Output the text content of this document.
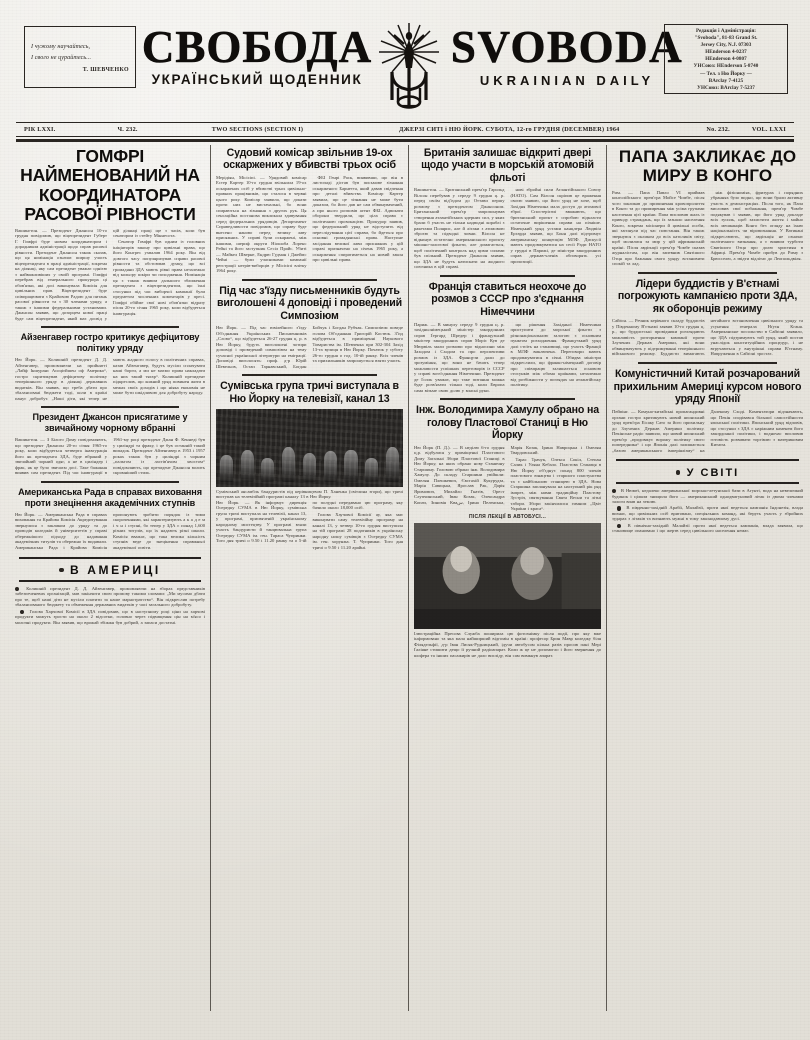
І чужому научайтесь,
І свого не цурайтесь...
Т. ШЕВЧЕНКО СВОБОДА
УКРАЇНСЬКИЙ ЩОДЕННИК
SVOBODA
UKRAINIAN DAILY
Редакція і Адміністрація:
"Svoboda", 81-83 Grand St.
Jersey City, N.J. 07303
HEnderson 4-0237
HEnderson 4-0807
УНСоюз: HEnderson 5-8740
— Тел. з Ню Йорку —
BArclay 7-4125
УНСоюз: BArclay 7-5237
РІК LXXI.	Ч. 232.	TWO SECTIONS (SECTION I)	ДЖЕРЗІ СИТІ і НЮ ЙОРК. СУБОТА, 12-го ГРУДНЯ (DECEMBER) 1964	No. 232.	VOL. LXXI
ГОМФРІ НАЙМЕНОВАНИЙ НА КООРДИНАТОРА РАСОВОЇ РІВНОСТИ

Вашингтон. — Президент Джансон 10-го грудня повідомив, що віцепрезидент Губерт Г. Гомфрі буде новим координатором і дорадником адміністрації щодо справ расової рівности. Президент Джансон також сказав, що ця номінація означає ширшу участь віцепрезидента в праці адміністрації, зокрема на ділянці, яку сам президент уважає однією з найважливіших у своїй програмі. Гомфрі перебрав від генерального прокурора ці обов'язки, які досі виконувала Комісія для цивільних прав. Віцепрезидент буде співпрацювати з Крайовою Радою для питань расової рівности та з 30 членами уряду, а також з іншими федеральними установами. Джансон заявив, що дозорцем нової праці буде сам віцепрезидент, який має досвід у цій ділянці праці ще з часів, коли був сенатором із стейту Міннесота.

Сенатор Гомфрі був одним із головних ініціяторів закону про цивільні права, що його Конгрес ухвалив 1964 року. Він від довгого часу популяризував справи расової рівности та обстоював думку, що всі громадяни ЗДА мають рівні права незалежно від кольору шкіри чи походження. Номінація ця є також виявом дальшого зближення президента з віцепрезидентом, що їхні стосунки під час виборчої кампанії були предметом численних коментарів у пресі. Гомфрі обійме свої нові обов'язки відразу після 20-го січня 1965 року, коли відбудеться інавгурація.

Айзенгавер гостро критикує дефіцитову політику уряду

Ню Йорк. — Колишній президент Д. Д. Айзенгавер, промовляючи на прийнятті „Лайф Іншуранс Асоцієйшен оф Америка“, гостро скритикував дефіцитову політику теперішнього уряду в ділянці державних видатків. Він заявив, що треба дбати про збалансовані бюджети тоді, коли в країні панує добробут. „Наші діти, які тепер не мають жадного голосу в політичних справах, казав Айзенгавер, будуть мусіли сплачувати наші борги, а ми не маємо права накладати на них такий тягар“. Колишній президент підкреслив, що кожний уряд повинен жити в межах своїх доходів і що ніяка економія не може бути шкідливою для добробуту народу.

Президент Джансон присягатиме у звичайному чорному вбранні

Вашингтон. — З Білого Дому повідомляють, що президент Джансон 20-го січня 1965-го року, коли відбудеться четверта інавгурація його як президента ЗДА, буде вбраний у звичайний чорний одяг, а не в циліндер і фрак, як це було звичаєм досі. Таке бажання виявив сам президент. Під час інавгурації в 1961-му році президент Джан Ф. Кеннеді був у циліндрі та фраку, і це був останній такий випадок. Президент Айзенгавер в 1953 і 1957 роках також був у циліндрі з чорним „пальтом із ластів'ячим хвостом“ повідомляють, що президент Джансон волить скромніший стиль.

Американська Рада в справах виховання проти знецінення академічних ступнів

Ню Йорк. — Американська Рада в справах виховання та Крайова Комісія Акредитування звернулися з закликом до уряду та до проводів коледжів й університетів у справі обережнішого підходу до надавання академічних титулів та обережно їх видавали. Американська Рада і Крайова Комісія пропонують зробити порядок із тими скороченнями, які характеризують а к а д е м і ч н і ступні, бо тепер у ЗДА є понад 1,600 різних титулів, що їх надають різні школи. Комісія вважає, що така велика кількість ступнів веде до знецінення справжньої академічної освіти.

В АМЕРИЦІ

Колишній президент Д. Д. Айзенгавер, промовляючи на зборах представників забезпеченевих організацій, мав закінчити свою промову такими словами: „Ми мусимо дбати про те, щоб наші діти не мусіли платити за наше марнотратство“. Він підкреслив потребу збалансованого бюджету та обмеження державних видатків у часі загального добробуту.

Голова Харчової Комісії в ЗДА повідомив, що в наступному році ціни на харчові продукти можуть зрости на около 2 відсотки, головно через підвищення цін на м'ясо і молочні продукти. Він заявив, що врожай збіжжя був добрий, а запаси достатні.

Судовий комісар звільнив 19-ох оскаржених у вбивстві трьох осіб

Мерідіян, Місісіпі. — Урядовий комісар Естер Картер 10-го грудня звільнила 19-ох оскаржених осіб у вбивстві трьох цивільно-правних працівників, що сталося в червні цього року. Комісар заявила, що докази проти них не вистачальні, бо вони спираються на зізнання з других рук. Ця сенсаційна постанова викликала здивування серед федеральних урядовців. Департамент Справедливости повідомив, що справу буде внесено наново перед велику лаву присяжних. У справі були оскаржені, між іншими, шериф округи Ніошоба Лоренс Рейні та його заступник Сесіл Прайс. Убиті — Майкел Шверне, Ендрю Гудман і Джеймс Чейні — були учасниками кампанії реєстрації негрів-виборців у Місісіпі влітку 1964 року.

ФБІ Генрі Раск, виявивши, що він в листопаді дістав був письмове зізнання оскарженого Барнетта, який давав свідчення про деталі вбивства. Комісар Картер заявила, що це зізнання не може бути доказом, бо його дав не сам обвинувачений, а про нього розповів агент ФБІ. Адвокати оборони твердили, що ціла справа є політичною провокацією. Прокурор заявив, що федеральний уряд не відступить від переслідування цієї справи, бо йдеться про основні громадянські права. Наступне засідання великої лави присяжних у цій справі призначено на січень 1965 року, а оскарження спиратиметься на новий закон про цивільні права.

Під час з'їзду письменників будуть виголошені 4 доповіді і проведений Симпозіюм

Ню Йорк. — Під час ювілейного з'їзду Об'єднання Українських Письменників „Слово“, що відбудеться 26-27 грудня ц. р. в Ню Йорку, будуть виголошені чотири доповіді і проведений симпозіюм на тему сучасної української літератури на еміграції. Доповіді виголосять: проф. д-р Юрій Шевельов, Остап Тарнавський, Богдан Бойчук і Богдан Рубчак. Симпозіюм поведе голова Об'єднання Григорій Костюк. З'їзд відбудеться в приміщенні Наукового Товариства ім. Шевченка при 302-304 Захід 13-та вулиця в Ню Йорку. Початок у суботу 26-го грудня о год. 10-ій ранку. Всіх членів та прихильників запрошується взяти участь.

Сумівська група тричі виступала в Ню Йорку на телевізії, канал 13
Сумівський ансамбль бандуристів під керівництвом П. Ханенка (світлина згори), що тричі виступав на телевізійній програмі каналу 13 в Ню Йорку.

Ню Йорк. — Як інформує дирекція Осередку СУМА в Ню Йорку, сумівська група тричі виступала на телевізії, канал 13, у програмі, присвяченій українському народному мистецтву. У програмі взяли участь бандуристи й танцювальна група Осередку СУМА ім. ген. Тараса Чупринки. Того дня тричі о 9.50 і 11.20 ранку та о 5-ій по полудні передавано цю програму, яку бачило около 18,000 осіб.

Голова Хаучової Комісії ау, яка має виконувати саму телевізійну програму на каналі 13, у четвер 10-го грудня виступила на тій програмі 28 податників в українську народну ношу сумівців з Осередку СУМА ім. ген. хорунжа. Т. Чупринки. Того дня тричі о 9.50 і 11.20 арайні.

Британія залишає відкриті двері щодо участи в морській атомовій фльоті

Вашингтон. — Британський прем'єр Гарольд Вілсон перебував у середу 9 грудня ц. р. перед своїм від'їздом до Оттави першу розмову з президентом Джансоном. Британський прем'єр запропонував створення атлантійських ядерних сил, у яких брали б участь не тільки надводні кораблі з ракетами Полярис, але й літаки з атомовою зброєю та підводні човни. Вілсон не відкинув остаточно американського проєкту мішано-залогової фльоти, але домагається, щоб політичний контроль над цими силами був спільний. Президент Джансон заявив, що ЗДА не будуть натискати на жодного союзника в цій справі.

нові збройні сили Атлантійського Союзу (НАТО). Сам Вілсон скріпив це враження своєю заявою, що його уряд не хоче, щоб Західня Німеччина мала доступ до атомової зброї. Спостерігачі вважають, що британський проєкт є спробою відкласти остаточне вирішення справи на пізніше. Німецький уряд устами канцлера Людвіґа Ергарда заявив, що Бонн далі підтримує американську концепцію МЛФ. Дискусії мають продовжуватися на сесії Ради НАТО у грудні в Парижі, де міністри закордонних справ держав-членів обговорять усі пропозиції.

Франція ставиться неохоче до розмов з СССР про з'єднання Німеччини

Париж. — В минулу середу 9 грудня ц. р. західньонімецький міністер закордонних справ Ґергард Шредер і французький міністер закордонних справ Моріс Кув де Мюрвіль мали розмови про відносини між Заходом і Сходом та про перспективи розмов із ЗДА. Французи дали до зрозуміння, що вони не бачать тепер можливости успішних переговорів із СССР у справі возз'єднання Німеччини. Президент де Ґолль уважає, що таке питання можна буде розв'язати тільки тоді, коли Европа сама візьме свою долю у власні руки.

що рішення Західньої Німеччини приступити до морської фльоти з різнонаціональною залогою є основним пунктом розходження. Французький уряд далі стоїть на становищі, що участь Франції в МЛФ виключена. Переговори мають продовжуватися в січні. Обидва міністри підкреслили, що франко-німецький договір про співпрацю залишається основою стосунків між обома країнами, незалежно від розбіжности у поглядах на атлантійську політику.

Інж. Володимира Хамулу обрано на голову Пластової Станиці в Ню Йорку

Ню Йорк (П. Д.). — В неділю 6-го грудня ц.р. відбулися у приміщенні Пластового Дому Загальні Збори Пластової Станиці в Ню Йорку, на яких обрано нову Станичну Старшину. Головою обрано інж. Володимира Хамулу. До складу Старшини увійшли: Омелян Плешкевич, Євстахій Кукурудза, Марія Савицька, Ярослав Рак, Дарія Яримович, Михайло Гнатів, Орест Слупчинський, Іван Козак, Олександра Копач, Зиновія Кваس, Ірина Пеленська, Марія Козак, Ірина Навроцька і Омелян Твардовський.

Тарас Трачук, Олекса Сокіл, Степан Салик і Уляна Кебало. Пластова Станиця в Ню Йорку об'єднує понад 800 членів пластового юнацтва і старшого пластунства та є найбільшою станицею в ЗДА. Нова Старшина запланувала на наступний рік ряд імпрез, між ними традиційну Пластову Зустріч, святкування Свята Весни та літні табори. Збори закінчилися гимном „Цвіт України і краса“.

ПІСЛЯ ЛЕКЦІЇ В АВТОБУСІ...
Ілюстраційна Пресова Служба поширила цю фотознімку після події, про яку вже інформовано та яка мала найширший відгомін в країні: професор Брин Мавр коледжу біля Філядельфії, д-р Іван Лисяк-Рудницький, ідучи автобусом кілька разів просив пані Мері Ґаліяне стишити дещо її ручний радіоапарат. Коли ж це не допомогло і його звернення до шофера та інших пасажирів не дало висліду, він сам вимкнув апарат.
ПАПА ЗАКЛИКАЄ ДО МИРУ В КОНГО

Рим. — Папа Павло VI приймав конголійського прем'єра Мойсе Чомбе, після чого закликав до припинення кровопролиття в Конго та до примирення між усіма групами населення цієї країни. Папа висловив жаль із приводу страждань, що їх зазнало населення Конго, зокрема місіонери й цивільні особи, які загинули під час повстання. Він також звернувся з окликом до всіх католиків світу, щоб молилися за мир у цій африканській країні. Після авдієнції прем'єр Чомбе сказав журналістам, що він запевнив Святішого Отця про бажання свого уряду встановити спокій та лад.

ніж фізіономіях, фризурах і порядних убраннях було видно, що вони брали активну участь в демонстраціях. Після того, як Папа висловив свої побажання, прем'єр Чомбе подякував і заявив, що його уряд докладе всіх зусиль, щоб захистити життя і майно всіх мешканців Конго без огляду на їхню національність чи віровизнання. У Ватикані підкреслюють, що авдієнція не означає політичного визнання, а є виявом турботи Святішого Отця про долю християн в Африці. Прем'єр Чомбе прибув до Риму з Брюсселю, а звідти відлітає до Леопольдвіля.

Лідери буддистів у В'єтнамі погрожують кампанією проти ЗДА, як оборонців режиму

Сайґон. — Речник керівного складу буддистів у Південному В'єтнамі заявив 10-го грудня ц. р., що буддистські провідники розглядають можливість розгорнення кампанії проти Злучених Держав Америки, які вони обвинувачують у підтримуванні теперішнього військового режиму. Буддисти вимагають негайного встановлення цивільного уряду та усунення генерала Нґуєн Кганя. Американське посольство в Сайґоні заявило, що ЗДА підтримують той уряд, який постав унаслідок конституційних процедур, і не втручаються у внутрішні справи В'єтнаму. Напруження в Сайґоні зростає.

Комуністичний Китай розчарований прихильним Америці курсом нового уряду Японії

Пейпінг. — Комуно-китайські пропагандивні органи гостро критикують новий японський уряд прем'єра Еісаку Сато за його прихильну до Злучених Держав Америки політику. Пекінське радіо заявило, що новий японський прем'єр „продовжує ворожу політику свого попередника“ і що Японія далі залишається „базою американського імперіялізму“ на Далекому Сході. Коментатори відзначають, що Пекін сподівався більшої самостійности японської політики. Японський уряд відповів, що стосунки з ЗДА є наріжним каменем його закордонної політики, і водночас висловив готовість розвивати торгівлю з материковим Китаєм.

У СВІТІ

В Нюмеї, недалеко американської морсько-летунської бази в Агунті, вода на невеличкий будинок і цілком знищила його — американський однодвигуновий літак із двома членами залоги впав на землю.

В південно-західній Арабії, Малайзії, проти якої ведеться кампанія Індонезія, влада визнає, що цивільних осіб врятовано, спеціяльних команд, які беруть участь у збройних зударах з літаків та визнають мужні в тому законодавчому дусі.

В північно-західній Малайзії проти якої ведеться кампанія, влада заявила, що становище опановано і що жертв серед цивільного населення немає.
